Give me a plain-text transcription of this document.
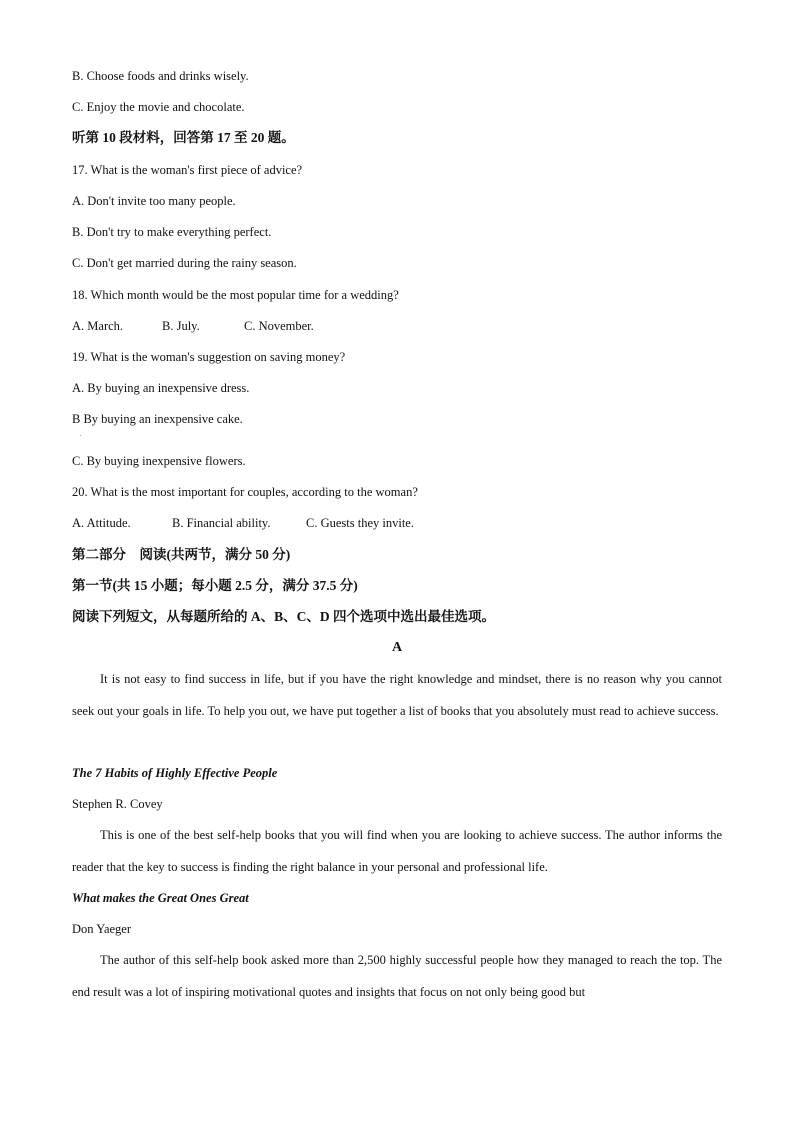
B. Choose foods and drinks wisely.
C. Enjoy the movie and chocolate.
听第 10 段材料，回答第 17 至 20 题。
17. What is the woman's first piece of advice?
A. Don't invite too many people.
B. Don't try to make everything perfect.
C. Don't get married during the rainy season.
18. Which month would be the most popular time for a wedding?
A. March.	B. July.	C. November.
19. What is the woman's suggestion on saving money?
A. By buying an inexpensive dress.
B By buying an inexpensive cake.
.
C. By buying inexpensive flowers.
20. What is the most important for couples, according to the woman?
A. Attitude.	B. Financial ability.	C. Guests they invite.
第二部分　阅读(共两节，满分 50 分)
第一节(共 15 小题；每小题 2.5 分，满分 37.5 分)
阅读下列短文，从每题所给的 A、B、C、D 四个选项中选出最佳选项。
A
It is not easy to find success in life, but if you have the right knowledge and mindset, there is no reason why you cannot seek out your goals in life. To help you out, we have put together a list of books that you absolutely must read to achieve success.
The 7 Habits of Highly Effective People
Stephen R. Covey
This is one of the best self-help books that you will find when you are looking to achieve success. The author informs the reader that the key to success is finding the right balance in your personal and professional life.
What makes the Great Ones Great
Don Yaeger
The author of this self-help book asked more than 2,500 highly successful people how they managed to reach the top. The end result was a lot of inspiring motivational quotes and insights that focus on not only being good but
